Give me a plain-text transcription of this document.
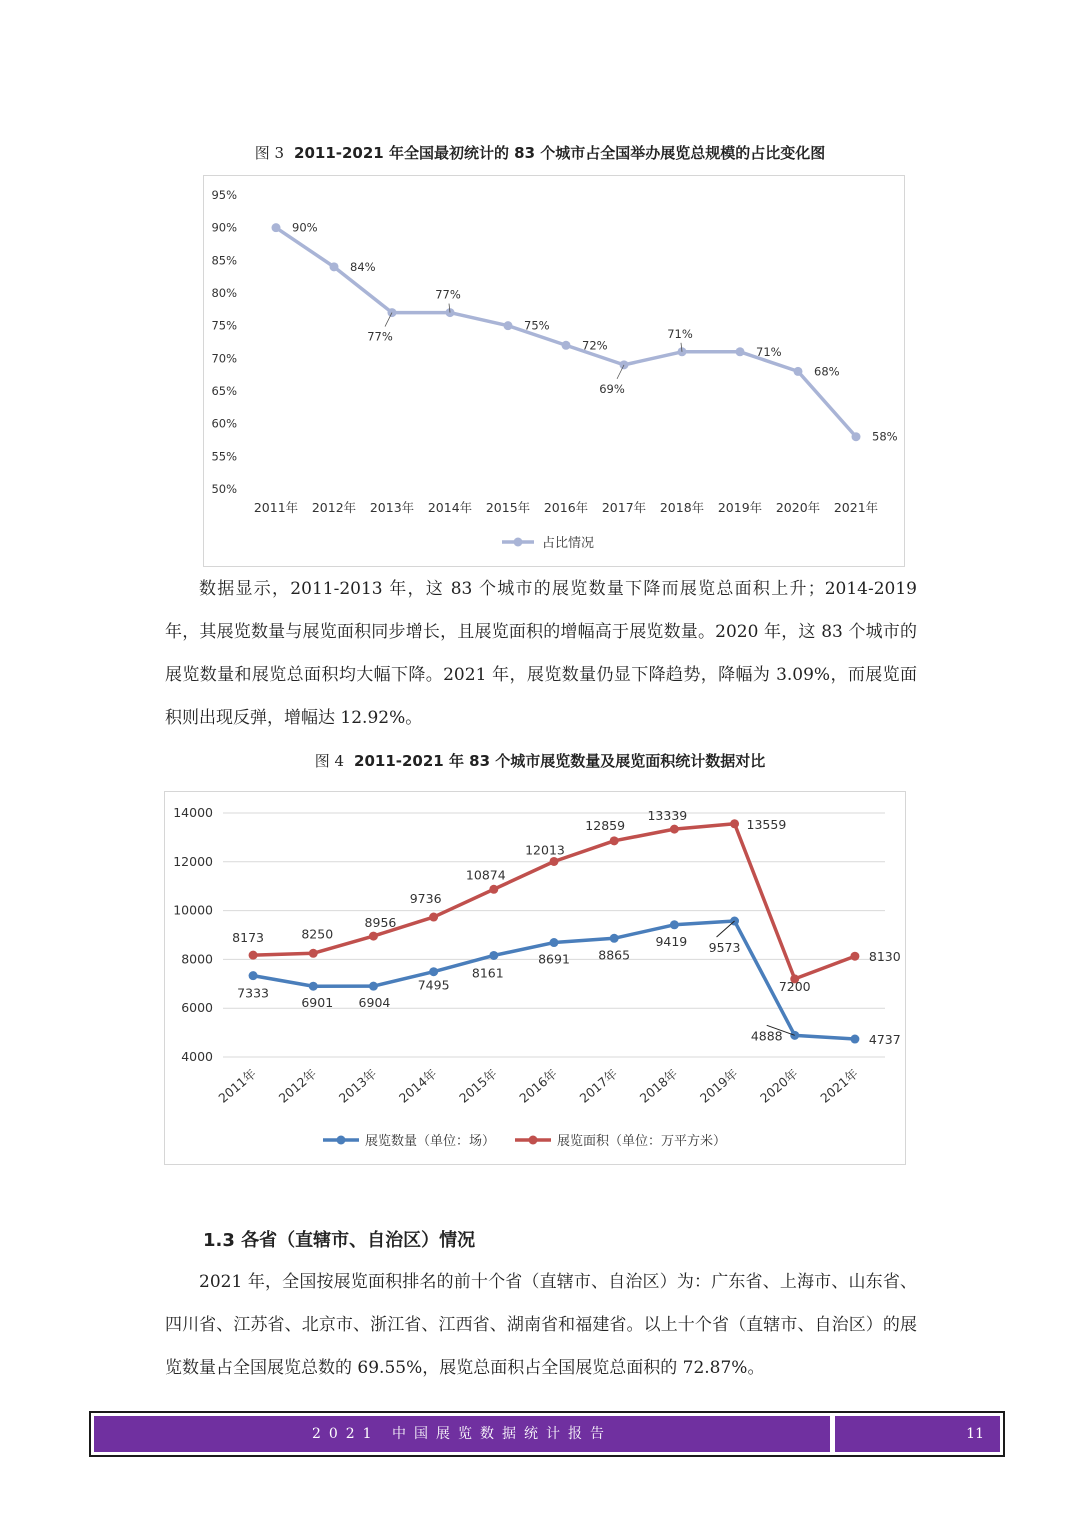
图 3 2011-2021 年全国最初统计的 83 个城市占全国举办展览总规模的占比变化图
50%
55%
60%
65%
70%
75%
80%
85%
90%
95%
2011年 2012年 2013年 2014年 2015年 2016年 2017年 2018年 2019年 2020年 2021年
90%
84%
77%
77%
75%
72%
69%
71%
71%
68%
58%
占比情况

数据显示，2011-2013 年，这 83 个城市的展览数量下降而展览总面积上升；2014-2019 年，其展览数量与展览面积同步增长，且展览面积的增幅高于展览数量。2020 年，这 83 个城市的展览数量和展览总面积均大幅下降。2021 年，展览数量仍显下降趋势，降幅为 3.09%，而展览面积则出现反弹，增幅达 12.92%。

图 4 2011-2021 年 83 个城市展览数量及展览面积统计数据对比
4000
6000
8000
10000
12000
14000
2011年 2012年 2013年 2014年 2015年 2016年 2017年 2018年 2019年 2020年 2021年
7333
6901 6904
7495
8161
8691 8865
9419 9573
4888	4737
8173	8250
8956
9736
10874
12013
12859
13339
13559
7200
8130
展览数量（单位：场）	展览面积（单位：万平方米）
1.3 各省（直辖市、自治区）情况

2021 年，全国按展览面积排名的前十个省（直辖市、自治区）为：广东省、上海市、山东省、四川省、江苏省、北京市、浙江省、江西省、湖南省和福建省。以上十个省（直辖市、自治区）的展览数量占全国展览总数的 69.55%，展览总面积占全国展览总面积的 72.87%。

2021 中国展览数据统计报告	11
